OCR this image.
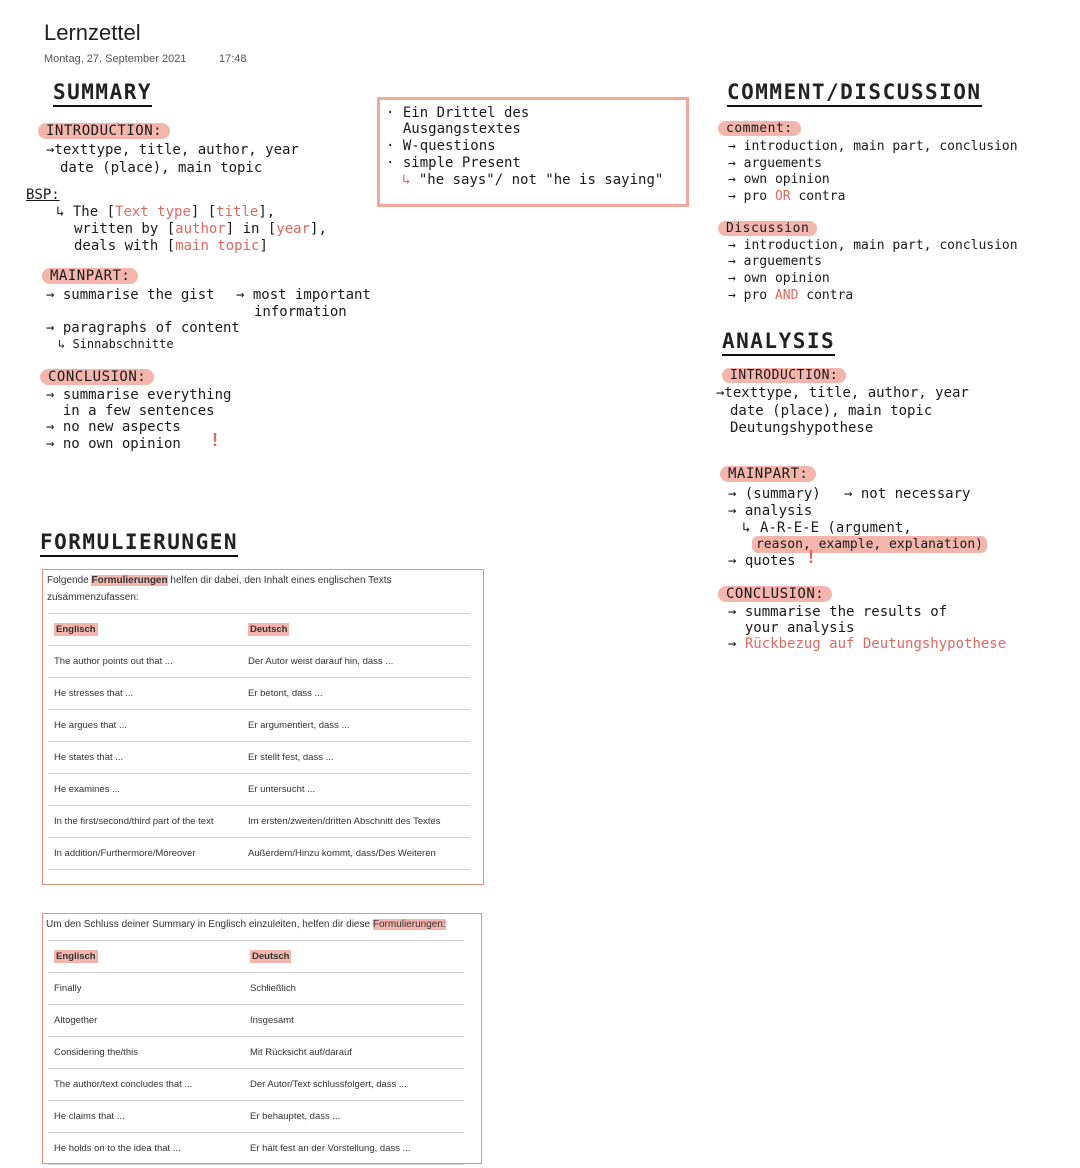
Lernzettel
Montag, 27. September 2021	17:48
SUMMARY
INTRODUCTION:
→texttype, title, author, year
date (place), main topic
BSP:
↳ The [Text type] [title],
written by [author] in [year],
deals with [main topic]
MAINPART:
→ summarise the gist → most important
information
→ paragraphs of content
↳ Sinnabschnitte
CONCLUSION:
→ summarise everything
in a few sentences
→ no new aspects
→ no own opinion !
· Ein Drittel des
Ausgangstextes
· W-questions
· simple Present
↳ "he says"/ not "he is saying"
COMMENT/DISCUSSION
comment:
→ introduction, main part, conclusion
→ arguements
→ own opinion
→ pro OR contra
Discussion
→ introduction, main part, conclusion
→ arguements
→ own opinion
→ pro AND contra
ANALYSIS
INTRODUCTION:
→texttype, title, author, year
date (place), main topic
Deutungshypothese
MAINPART:
→ (summary) → not necessary
→ analysis
↳ A-R-E-E (argument,
reason, example, explanation)
→ quotes !
CONCLUSION:
→ summarise the results of
your analysis
→ Rückbezug auf Deutungshypothese
FORMULIERUNGEN
Folgende Formulierungen helfen dir dabei, den Inhalt eines englischen Texts zusammenzufassen:
Englisch	Deutsch
The author points out that ...	Der Autor weist darauf hin, dass ...
He stresses that ...	Er betont, dass ...
He argues that ...	Er argumentiert, dass ...
He states that ...	Er stellt fest, dass ...
He examines ...	Er untersucht ...
In the first/second/third part of the text	Im ersten/zweiten/dritten Abschnitt des Textes
In addition/Furthermore/Moreover	Außerdem/Hinzu kommt, dass/Des Weiteren
Um den Schluss deiner Summary in Englisch einzuleiten, helfen dir diese Formulierungen:
Englisch	Deutsch
Finally	Schließlich
Altogether	Insgesamt
Considering the/this	Mit Rücksicht auf/darauf
The author/text concludes that ...	Der Autor/Text schlussfolgert, dass ...
He claims that ...	Er behauptet, dass ...
He holds on to the idea that ...	Er hält fest an der Vorstellung, dass ...
